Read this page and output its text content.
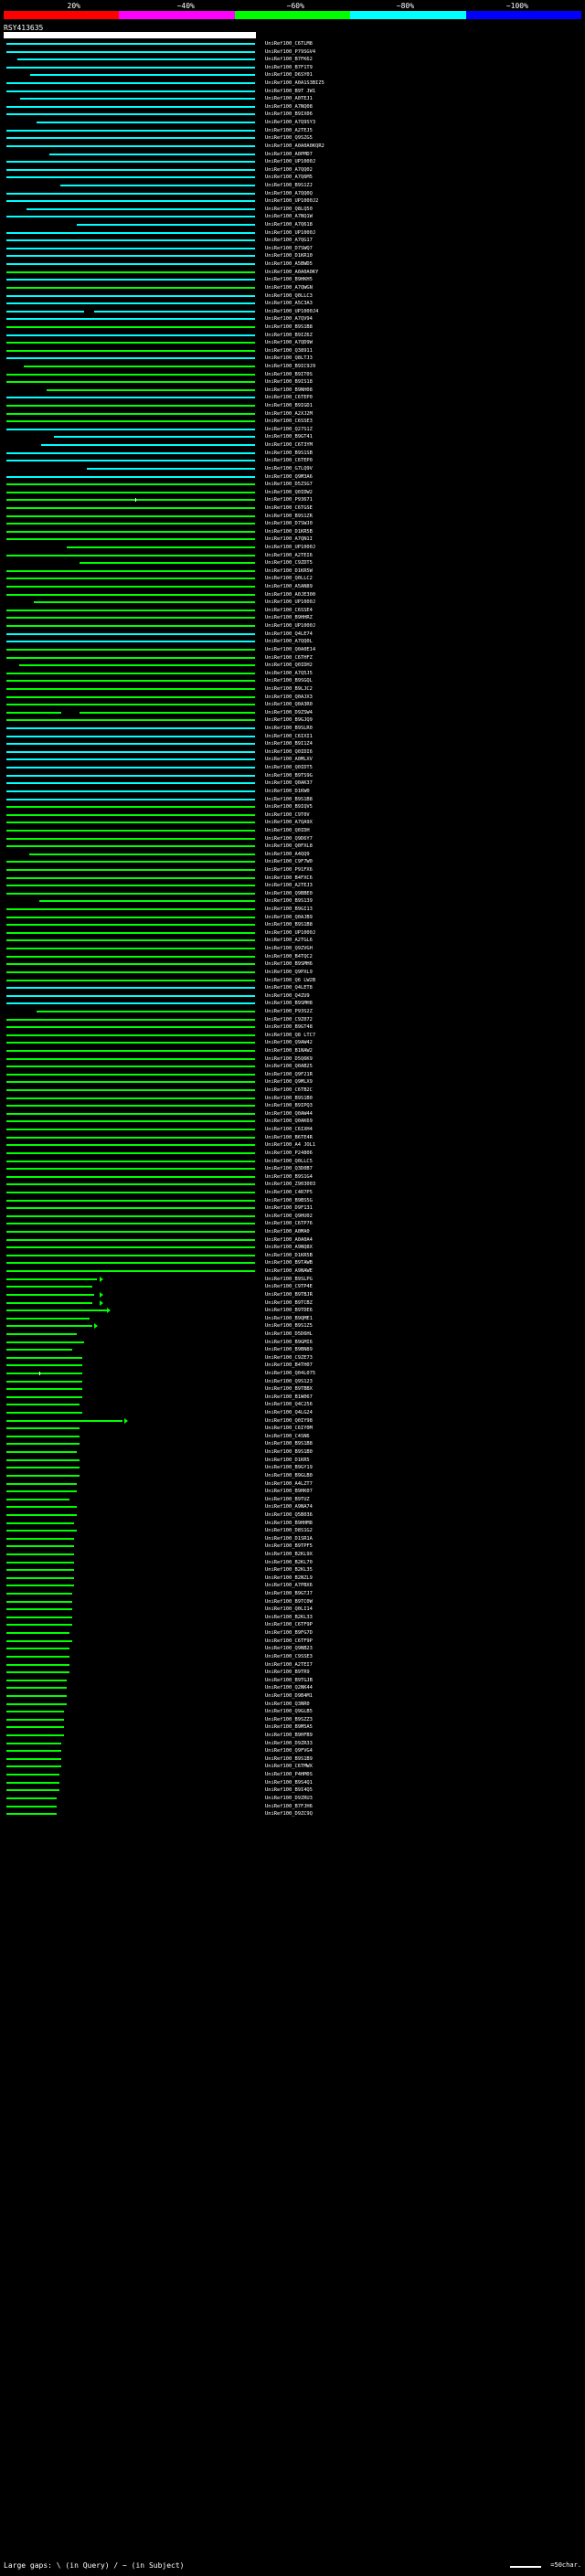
20%	~40%	~60%	~80%	~100%
RSY413635
1	342
UniRef100_C6TLM8
UniRef100_P79SGV4
UniRef100_B7FK62
UniRef100_B7F1T9
UniRef100_D6SY01
UniRef100_A0A1S3BIZ5
UniRef100_B9T JW1
UniRef100_A0TEJ1
UniRef100_A7NQ08
UniRef100_B9IX06
UniRef100_A7Q9SY3
UniRef100_A2TEJ5
UniRef100_Q9SZG5
UniRef100_A0A0A0KQR2
UniRef100_A0PMD7
UniRef100_UP1000J
UniRef100_A7QQ02
UniRef100_A7Q6M5
UniRef100_B9S1ZJ
UniRef100_A7QQ0Q
UniRef100_UP1000J2
UniRef100_Q8LQ50
UniRef100_A7NQ1W
UniRef100_A7Q618
UniRef100_UP1000J
UniRef100_A7QG17
UniRef100_D7SWQ7
UniRef100_D1KR10
UniRef100_A5BWD5
UniRef100_A0A0A0KY
UniRef100_B9HKH5
UniRef100_A7QWGN
UniRef100_Q0LLC3
UniRef100_A5C3A3
UniRef100_UP1000J4
UniRef100_A7QV94
UniRef100_B9S1B8
UniRef100_B9IZ6Z
UniRef100_A7QD9W
UniRef100_Q38911
UniRef100_Q8LTJ3
UniRef100_B9IC9J9
UniRef100_B9IT0S
UniRef100_B9IS18
UniRef100_B9NH08
UniRef100_C6TEP0
UniRef100_B9IGD1
UniRef100_A2XJ2M
UniRef100_C6SSE3
UniRef100_Q27S1Z
UniRef100_B9GT41
UniRef100_C6T3YM
UniRef100_B9S1SB
UniRef100_C6TEP0
UniRef100_G7LQ9V
UniRef100_Q9M3A6
UniRef100_D5ZSG7
UniRef100_Q0IDW2
UniRef100_P93671
UniRef100_C6TGSE
UniRef100_B9S1ZR
UniRef100_D7SWJ0
UniRef100_D1KR5B
UniRef100_A7QN1I
UniRef100_UP1000J
UniRef100_A2TEI6
UniRef100_C9ZDT5
UniRef100_D1KR5W
UniRef100_Q0LLC2
UniRef100_A5AN89
UniRef100_A0JE300
UniRef100_UP1000J
UniRef100_C6SSE4
UniRef100_B9HHRZ
UniRef100_UP1000J
UniRef100_Q4LE74
UniRef100_A7QQ0L
UniRef100_Q0A0E14
UniRef100_C6THFZ
UniRef100_Q0IDH2
UniRef100_A7Q5J5
UniRef100_B9SGQL
UniRef100_B9LJC2
UniRef100_Q0AJX3
UniRef100_Q0A3R0
UniRef100_D9ZSW4
UniRef100_B9GJQ9
UniRef100_B9SLR0
UniRef100_C6IXI1
UniRef100_B9I1Z4
UniRef100_Q0IDI6
UniRef100_A0MLXV
UniRef100_Q0IDT5
UniRef100_B9TS9G
UniRef100_Q0AK37
UniRef100_D1KW0
UniRef100_B9S1B8
UniRef100_B9IQV5
UniRef100_C9T0V
UniRef100_A7QA9X
UniRef100_Q0IDH
UniRef100_Q9D6Y7
UniRef100_Q0FXL8
UniRef100_A4QQ9
UniRef100_C9F7W0
UniRef100_P91FX6
UniRef100_B4FXC6
UniRef100_A2TEJ3
UniRef100_Q9BBE0
UniRef100_B9S139
UniRef100_B9GI13
UniRef100_Q0AJB9
UniRef100_B9S1B8
UniRef100_UP1000J
UniRef100_A2TGL6
UniRef100_Q9ZVGH
UniRef100_B4TQC2
UniRef100_B9SMH6
UniRef100_Q9PXL9
UniRef100_Q6 LW2B
UniRef100_Q4LET8
UniRef100_Q4ZU9
UniRef100_B9SMH8
UniRef100_P93S2Z
UniRef100_C9Z072
UniRef100_B9GT48
UniRef100_Q8 LTC7
UniRef100_Q9AW42
UniRef100_B1NAW2
UniRef100_D5Q6K9
UniRef100_Q0AB25
UniRef100_Q9F21R
UniRef100_Q9MLX9
UniRef100_C6TB2C
UniRef100_B9S1B0
UniRef100_B9IPQ3
UniRef100_Q0AW44
UniRef100_Q0AK69
UniRef100_C6IXH4
UniRef100_B6TE4R
UniRef100_A4 JOL1
UniRef100_P24806
UniRef100_Q0LLC5
UniRef100_Q3D0B7
UniRef100_B9S1G4
UniRef100_Z903003
UniRef100_C4R7P5
UniRef100_B9BS5G
UniRef100_D9F131
UniRef100_Q9HU02
UniRef100_C6TP76
UniRef100_A0MA0
UniRef100_A0A0A4
UniRef100_A9NQ8X
UniRef100_D1KR5B
UniRef100_B9TAWB
UniRef100_A9NAWE
UniRef100_B9SLPG
UniRef100_C9TP4E
UniRef100_B9TBJR
UniRef100_B9TCBZ
UniRef100_B9TDE6
UniRef100_B9QME1
UniRef100_B9S1Z5
UniRef100_D5D6HL
UniRef100_B9GMI6
UniRef100_B9BN89
UniRef100_C9ZE73
UniRef100_B4TH07
UniRef100_Q04L075
UniRef100_Q9S123
UniRef100_B9TBBX
UniRef100_B1W067
UniRef100_Q4C256
UniRef100_Q4LG24
UniRef100_Q0IY98
UniRef100_C6IY0M
UniRef100_C4SN6
UniRef100_B9S1B8
UniRef100_B9S1B0
UniRef100_D1KR5
UniRef100_B9GY19
UniRef100_B9GLB0
UniRef100_A4LZT7
UniRef100_B9HK07
UniRef100_B9TUZ
UniRef100_A9NA74
UniRef100_Q5B036
UniRef100_B9HHM8
UniRef100_D8S1G2
UniRef100_D1SR1A
UniRef100_B9TPF5
UniRef100_B2KL9X
UniRef100_B2KL70
UniRef100_B2KL35
UniRef100_B2NZL9
UniRef100_A7PBX6
UniRef100_B9GTJ7
UniRef100_B9TC0W
UniRef100_Q0LI14
UniRef100_B2KL33
UniRef100_C6TF9P
UniRef100_B9FG7D
UniRef100_C6TF9P
UniRef100_Q9NB23
UniRef100_C9SSE3
UniRef100_A2TEI7
UniRef100_B9TR9
UniRef100_B9TGJB
UniRef100_Q2NK44
UniRef100_D9B4M1
UniRef100_Q3NR0
UniRef100_Q9GLB5
UniRef100_B9SZZ3
UniRef100_B9M5A5
UniRef100_B9HFB9
UniRef100_D9ZR33
UniRef100_Q9FVG4
UniRef100_B9S1B9
UniRef100_C6TMWX
UniRef100_P4HM0S
UniRef100_B9S4Q1
UniRef100_B9I4Q5
UniRef100_D9ZRU3
UniRef100_B7FJH6
UniRef100_D9ZC9Q
Large gaps: \ (in Query) / ~ (in Subject)	=50char.
